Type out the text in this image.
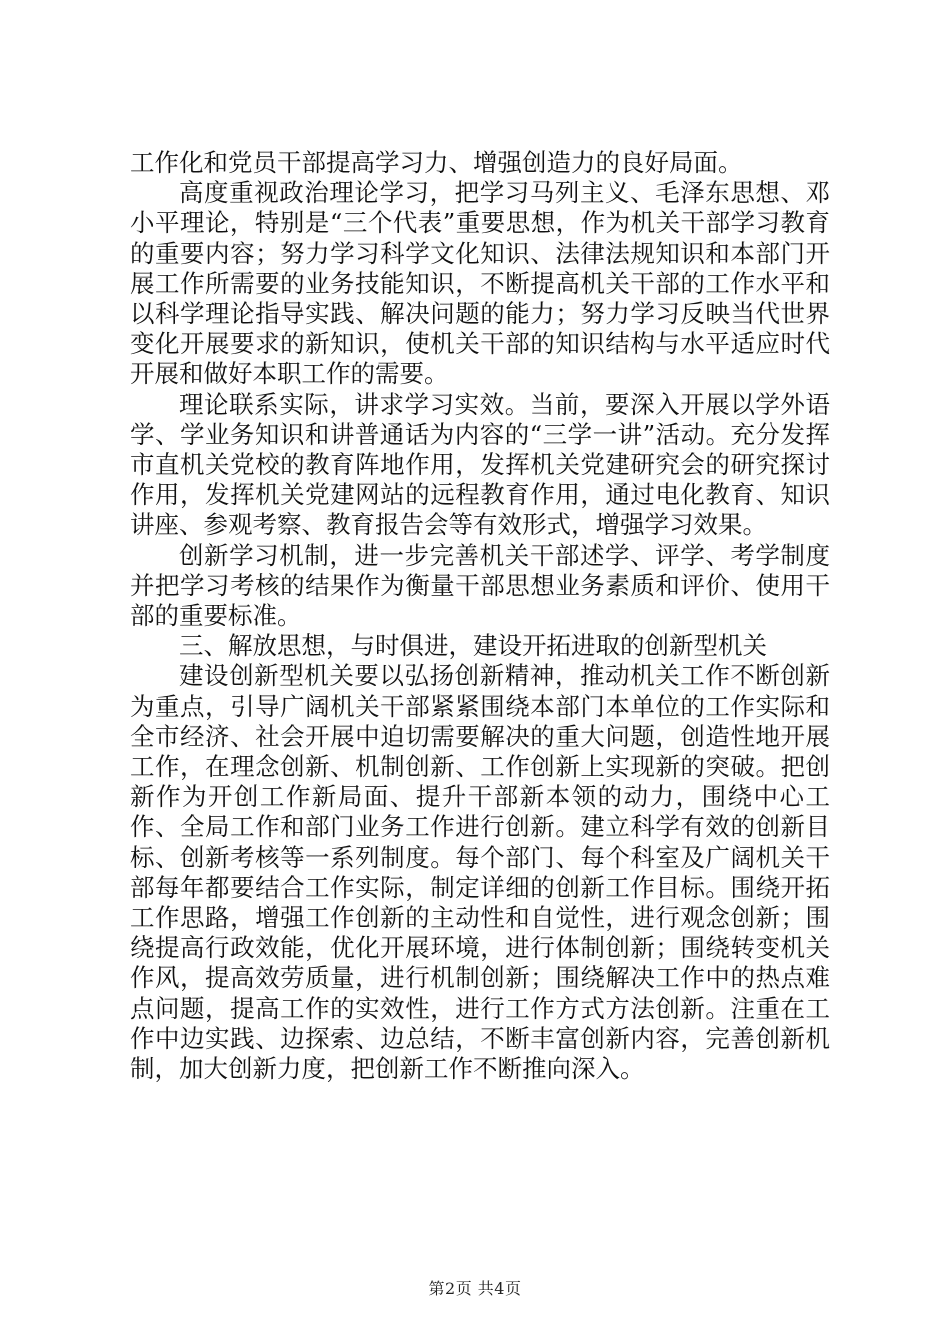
工作化和党员干部提高学习力、增强创造力的良好局面。

高度重视政治理论学习，把学习马列主义、毛泽东思想、邓小平理论，特别是“三个代表”重要思想，作为机关干部学习教育的重要内容；努力学习科学文化知识、法律法规知识和本部门开展工作所需要的业务技能知识，不断提高机关干部的工作水平和以科学理论指导实践、解决问题的能力；努力学习反映当代世界变化开展要求的新知识，使机关干部的知识结构与水平适应时代开展和做好本职工作的需要。

理论联系实际，讲求学习实效。当前，要深入开展以学外语学、学业务知识和讲普通话为内容的“三学一讲”活动。充分发挥市直机关党校的教育阵地作用，发挥机关党建研究会的研究探讨作用，发挥机关党建网站的远程教育作用，通过电化教育、知识讲座、参观考察、教育报告会等有效形式，增强学习效果。

创新学习机制，进一步完善机关干部述学、评学、考学制度并把学习考核的结果作为衡量干部思想业务素质和评价、使用干部的重要标准。

三、解放思想，与时俱进，建设开拓进取的创新型机关

建设创新型机关要以弘扬创新精神，推动机关工作不断创新为重点，引导广阔机关干部紧紧围绕本部门本单位的工作实际和全市经济、社会开展中迫切需要解决的重大问题，创造性地开展工作，在理念创新、机制创新、工作创新上实现新的突破。把创新作为开创工作新局面、提升干部新本领的动力，围绕中心工作、全局工作和部门业务工作进行创新。建立科学有效的创新目标、创新考核等一系列制度。每个部门、每个科室及广阔机关干部每年都要结合工作实际，制定详细的创新工作目标。围绕开拓工作思路，增强工作创新的主动性和自觉性，进行观念创新；围绕提高行政效能，优化开展环境，进行体制创新；围绕转变机关作风，提高效劳质量，进行机制创新；围绕解决工作中的热点难点问题，提高工作的实效性，进行工作方式方法创新。注重在工作中边实践、边探索、边总结，不断丰富创新内容，完善创新机制，加大创新力度，把创新工作不断推向深入。

第2页 共4页
